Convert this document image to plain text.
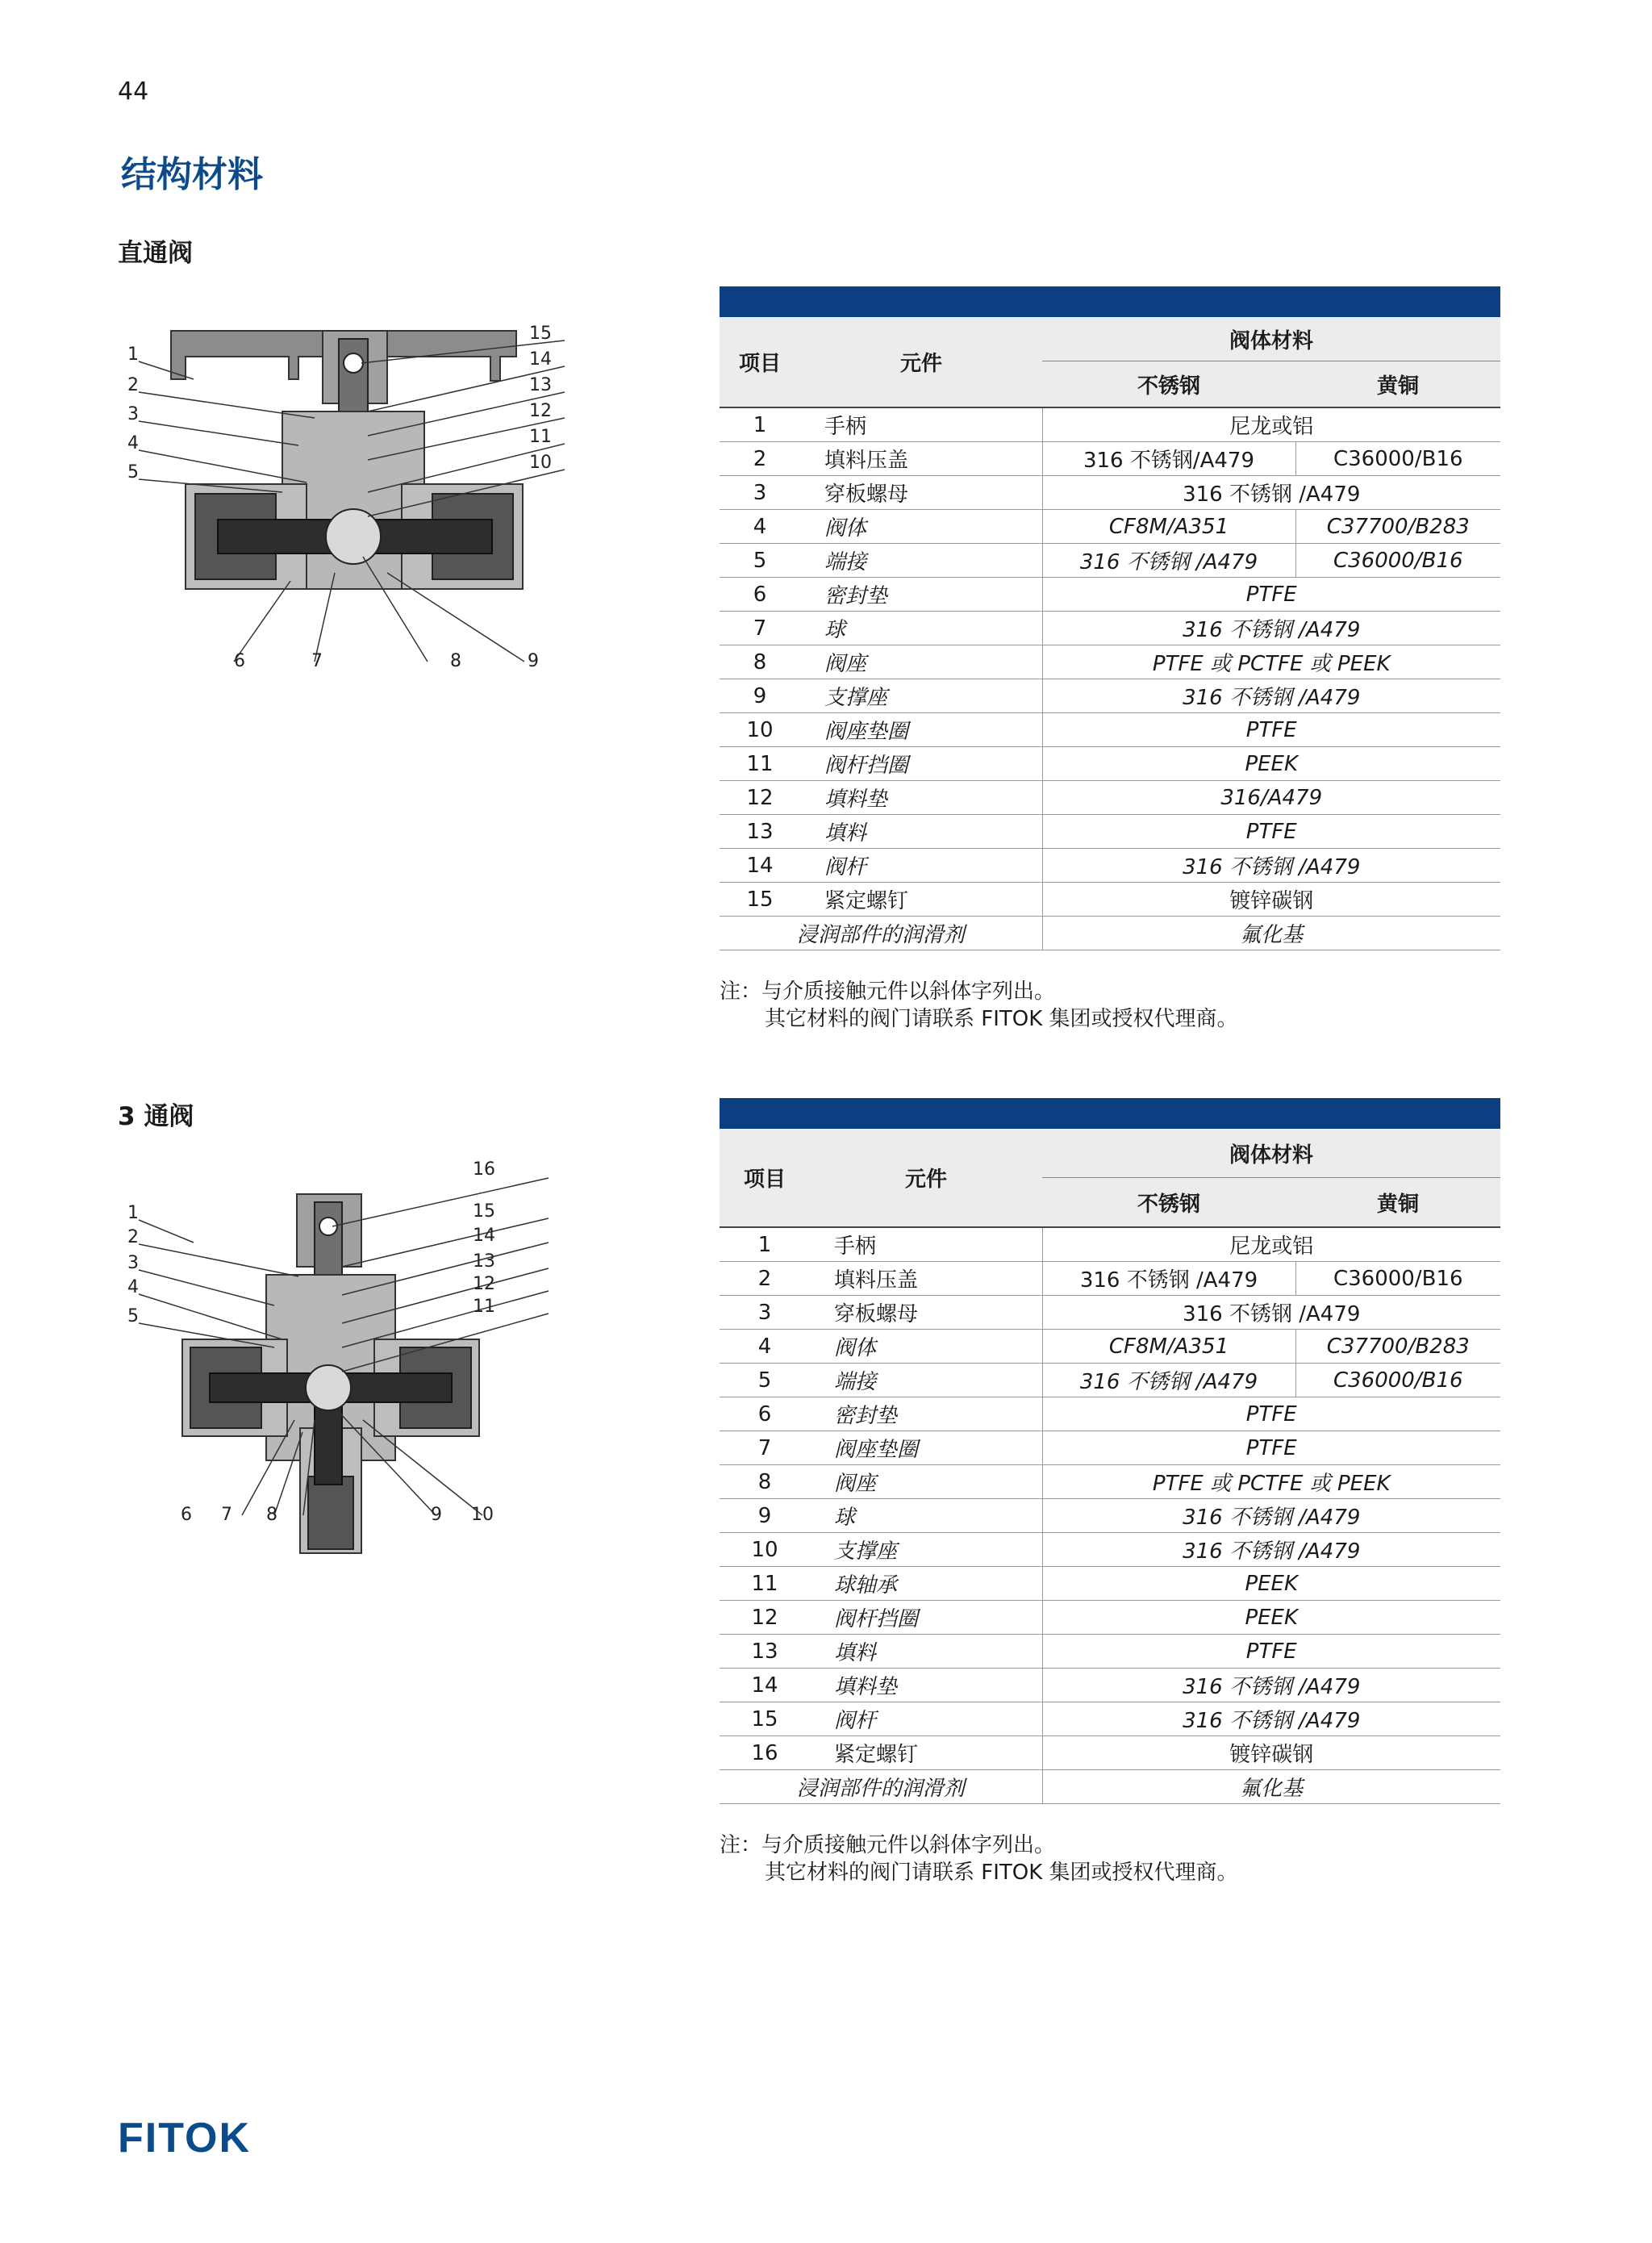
44
结构材料
直通阀
1
2
3
4
5
6	7	8	9
10
11
12
13
14
15
项目	元件	阀体材料	
		不锈钢	黄铜
1	手柄	尼龙或铝	
2	填料压盖	316 不锈钢/A479	C36000/B16
3	穿板螺母	316 不锈钢 /A479	
4	阀体	CF8M/A351	C37700/B283
5	端接	316 不锈钢 /A479	C36000/B16
6	密封垫	PTFE	
7	球	316 不锈钢 /A479	
8	阀座	PTFE 或 PCTFE 或 PEEK	
9	支撑座	316 不锈钢 /A479	
10	阀座垫圈	PTFE	
11	阀杆挡圈	PEEK	
12	填料垫	316/A479	
13	填料	PTFE	
14	阀杆	316 不锈钢 /A479	
15	紧定螺钉	镀锌碳钢	
浸润部件的润滑剂		氟化基	
注：与介质接触元件以斜体字列出。
其它材料的阀门请联系 FITOK 集团或授权代理商。
3 通阀
1
2
3
4
5
6 7 8	9 10
11
12
13
14
15
16	项目	元件	阀体材料	
		不锈钢	黄铜
1	手柄	尼龙或铝	
2	填料压盖	316 不锈钢 /A479	C36000/B16
3	穿板螺母	316 不锈钢 /A479	
4	阀体	CF8M/A351	C37700/B283
5	端接	316 不锈钢 /A479	C36000/B16
6	密封垫	PTFE	
7	阀座垫圈	PTFE	
8	阀座	PTFE 或 PCTFE 或 PEEK	
9	球	316 不锈钢 /A479	
10	支撑座	316 不锈钢 /A479	
11	球轴承	PEEK	
12	阀杆挡圈	PEEK	
13	填料	PTFE	
14	填料垫	316 不锈钢 /A479	
15	阀杆	316 不锈钢 /A479	
16	紧定螺钉	镀锌碳钢	
浸润部件的润滑剂		氟化基	
注：与介质接触元件以斜体字列出。
其它材料的阀门请联系 FITOK 集团或授权代理商。
FITOK
